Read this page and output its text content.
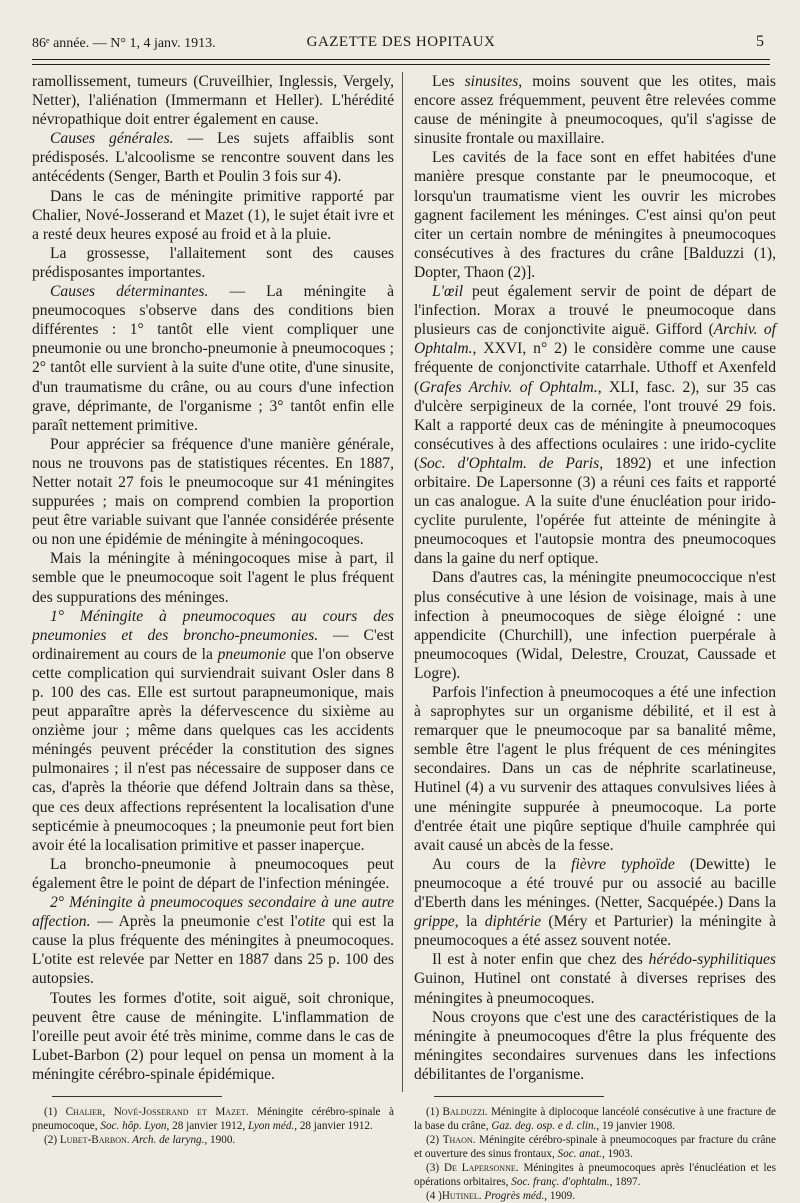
86ᵉ année. — N° 1, 4 janv. 1913.	GAZETTE DES HOPITAUX	5

ramollissement, tumeurs (Cruveilhier, Inglessis, Vergely, Netter), l'aliénation (Immermann et Heller). L'hérédité névropathique doit entrer également en cause.

Causes générales. — Les sujets affaiblis sont prédisposés. L'alcoolisme se rencontre souvent dans les antécédents (Senger, Barth et Poulin 3 fois sur 4).

Dans le cas de méningite primitive rapporté par Chalier, Nové-Josserand et Mazet (1), le sujet était ivre et a resté deux heures exposé au froid et à la pluie.

La grossesse, l'allaitement sont des causes prédisposantes importantes.

Causes déterminantes. — La méningite à pneumocoques s'observe dans des conditions bien différentes : 1° tantôt elle vient compliquer une pneumonie ou une broncho-pneumonie à pneumocoques ; 2° tantôt elle survient à la suite d'une otite, d'une sinusite, d'un traumatisme du crâne, ou au cours d'une infection grave, déprimante, de l'organisme ; 3° tantôt enfin elle paraît nettement primitive.

Pour apprécier sa fréquence d'une manière générale, nous ne trouvons pas de statistiques récentes. En 1887, Netter notait 27 fois le pneumocoque sur 41 méningites suppurées ; mais on comprend combien la proportion peut être variable suivant que l'année considérée présente ou non une épidémie de méningite à méningocoques.

Mais la méningite à méningocoques mise à part, il semble que le pneumocoque soit l'agent le plus fréquent des suppurations des méninges.

1° Méningite à pneumocoques au cours des pneumonies et des broncho-pneumonies. — C'est ordinairement au cours de la pneumonie que l'on observe cette complication qui surviendrait suivant Osler dans 8 p. 100 des cas. Elle est surtout parapneumonique, mais peut apparaître après la défervescence du sixième au onzième jour ; même dans quelques cas les accidents méningés peuvent précéder la constitution des signes pulmonaires ; il n'est pas nécessaire de supposer dans ce cas, d'après la théorie que défend Joltrain dans sa thèse, que ces deux affections représentent la localisation d'une septicémie à pneumocoques ; la pneumonie peut fort bien avoir été la localisation primitive et passer inaperçue.

La broncho-pneumonie à pneumocoques peut également être le point de départ de l'infection méningée.

2° Méningite à pneumocoques secondaire à une autre affection. — Après la pneumonie c'est l'otite qui est la cause la plus fréquente des méningites à pneumocoques. L'otite est relevée par Netter en 1887 dans 25 p. 100 des autopsies.

Toutes les formes d'otite, soit aiguë, soit chronique, peuvent être cause de méningite. L'inflammation de l'oreille peut avoir été très minime, comme dans le cas de Lubet-Barbon (2) pour lequel on pensa un moment à la méningite cérébro-spinale épidémique.

(1) Chalier, Nové-Josserand et Mazet. Méningite cérébro-spinale à pneumocoque, Soc. hôp. Lyon, 28 janvier 1912, Lyon méd., 28 janvier 1912.

(2) Lubet-Barbon. Arch. de laryng., 1900.

Les sinusites, moins souvent que les otites, mais encore assez fréquemment, peuvent être relevées comme cause de méningite à pneumocoques, qu'il s'agisse de sinusite frontale ou maxillaire.

Les cavités de la face sont en effet habitées d'une manière presque constante par le pneumocoque, et lorsqu'un traumatisme vient les ouvrir les microbes gagnent facilement les méninges. C'est ainsi qu'on peut citer un certain nombre de méningites à pneumocoques consécutives à des fractures du crâne [Balduzzi (1), Dopter, Thaon (2)].

L'œil peut également servir de point de départ de l'infection. Morax a trouvé le pneumocoque dans plusieurs cas de conjonctivite aiguë. Gifford (Archiv. of Ophtalm., XXVI, n° 2) le considère comme une cause fréquente de conjonctivite catarrhale. Uthoff et Axenfeld (Grafes Archiv. of Ophtalm., XLI, fasc. 2), sur 35 cas d'ulcère serpigineux de la cornée, l'ont trouvé 29 fois. Kalt a rapporté deux cas de méningite à pneumocoques consécutives à des affections oculaires : une irido-cyclite (Soc. d'Ophtalm. de Paris, 1892) et une infection orbitaire. De Lapersonne (3) a réuni ces faits et rapporté un cas analogue. A la suite d'une énucléation pour irido-cyclite purulente, l'opérée fut atteinte de méningite à pneumocoques et l'autopsie montra des pneumocoques dans la gaine du nerf optique.

Dans d'autres cas, la méningite pneumococcique n'est plus consécutive à une lésion de voisinage, mais à une infection à pneumocoques de siège éloigné : une appendicite (Churchill), une infection puerpérale à pneumocoques (Widal, Delestre, Crouzat, Caussade et Logre).

Parfois l'infection à pneumocoques a été une infection à saprophytes sur un organisme débilité, et il est à remarquer que le pneumocoque par sa banalité même, semble être l'agent le plus fréquent de ces méningites secondaires. Dans un cas de néphrite scarlatineuse, Hutinel (4) a vu survenir des attaques convulsives liées à une méningite suppurée à pneumocoque. La porte d'entrée était une piqûre septique d'huile camphrée qui avait causé un abcès de la fesse.

Au cours de la fièvre typhoïde (Dewitte) le pneumocoque a été trouvé pur ou associé au bacille d'Eberth dans les méninges. (Netter, Sacquépée.) Dans la grippe, la diphtérie (Méry et Parturier) la méningite à pneumocoques a été assez souvent notée.

Il est à noter enfin que chez des hérédo-syphilitiques Guinon, Hutinel ont constaté à diverses reprises des méningites à pneumocoques.

Nous croyons que c'est une des caractéristiques de la méningite à pneumocoques d'être la plus fréquente des méningites secondaires survenues dans les infections débilitantes de l'organisme.

(1) Balduzzi. Méningite à diplocoque lancéolé consécutive à une fracture de la base du crâne, Gaz. deg. osp. e d. clin., 19 janvier 1908.

(2) Thaon. Méningite cérébro-spinale à pneumocoques par fracture du crâne et ouverture des sinus frontaux, Soc. anat., 1903.

(3) De Lapersonne. Méningites à pneumocoques après l'énucléation et les opérations orbitaires, Soc. franç. d'ophtalm., 1897.

(4 )Hutinel. Progrès méd., 1909.
